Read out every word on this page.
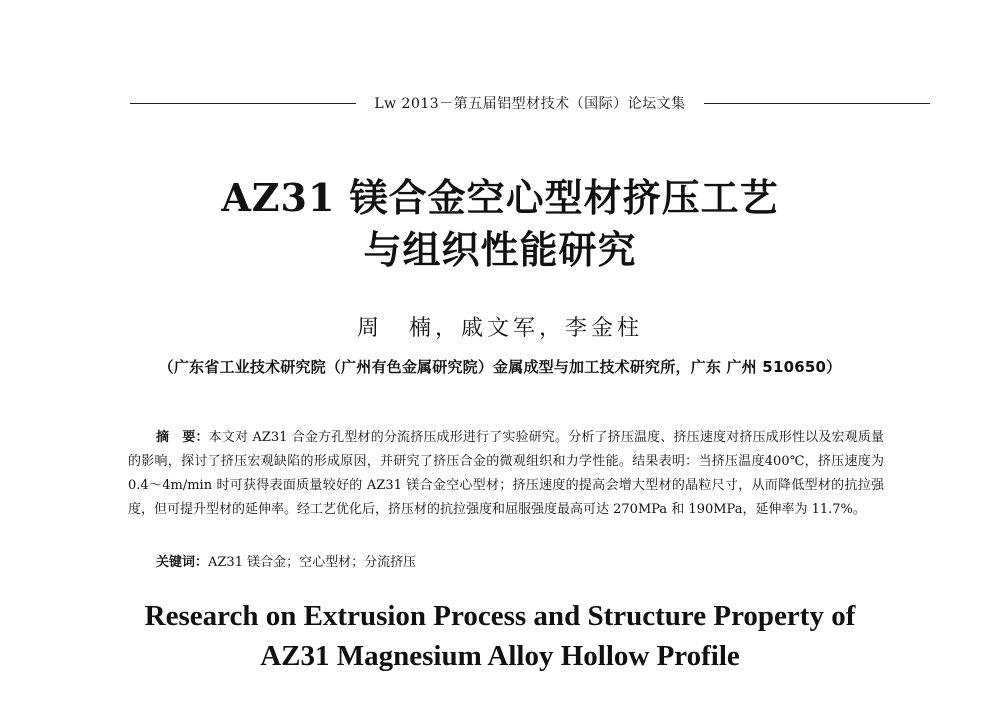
Lw 2013－第五届铝型材技术（国际）论坛文集
AZ31 镁合金空心型材挤压工艺
与组织性能研究
周　楠，戚文军，李金柱
（广东省工业技术研究院（广州有色金属研究院）金属成型与加工技术研究所，广东 广州 510650）
摘　要：本文对 AZ31 合金方孔型材的分流挤压成形进行了实验研究。分析了挤压温度、挤压速度对挤压成形性以及宏观质量的影响，探讨了挤压宏观缺陷的形成原因，并研究了挤压合金的微观组织和力学性能。结果表明：当挤压温度400℃，挤压速度为 0.4～4m/min 时可获得表面质量较好的 AZ31 镁合金空心型材；挤压速度的提高会增大型材的晶粒尺寸，从而降低型材的抗拉强度，但可提升型材的延伸率。经工艺优化后，挤压材的抗拉强度和屈服强度最高可达 270MPa 和 190MPa，延伸率为 11.7%。
关键词：AZ31 镁合金；空心型材；分流挤压
Research on Extrusion Process and Structure Property of
AZ31 Magnesium Alloy Hollow Profile
